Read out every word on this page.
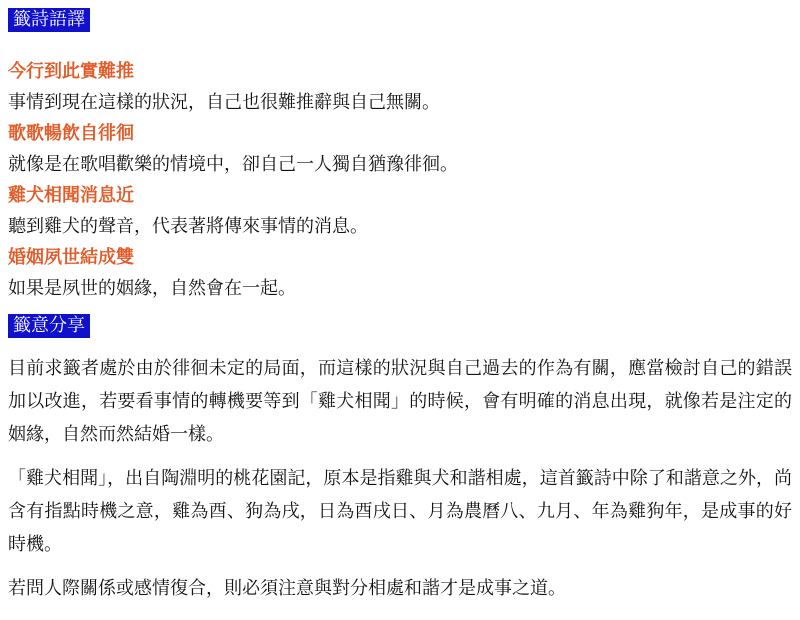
籤詩語譯

今行到此實難推

事情到現在這樣的狀況，自己也很難推辭與自己無關。

歌歌暢飲自徘徊

就像是在歌唱歡樂的情境中，卻自己一人獨自猶豫徘徊。

雞犬相聞消息近

聽到雞犬的聲音，代表著將傳來事情的消息。

婚姻夙世結成雙

如果是夙世的姻緣，自然會在一起。

籤意分享

目前求籤者處於由於徘徊未定的局面，而這樣的狀況與自己過去的作為有關，應當檢討自己的錯誤加以改進，若要看事情的轉機要等到「雞犬相聞」的時候，會有明確的消息出現，就像若是注定的姻緣，自然而然結婚一樣。

「雞犬相聞」，出自陶淵明的桃花園記，原本是指雞與犬和諧相處，這首籤詩中除了和諧意之外，尚含有指點時機之意，雞為酉、狗為戌，日為酉戌日、月為農曆八、九月、年為雞狗年，是成事的好時機。

若問人際關係或感情復合，則必須注意與對分相處和諧才是成事之道。
